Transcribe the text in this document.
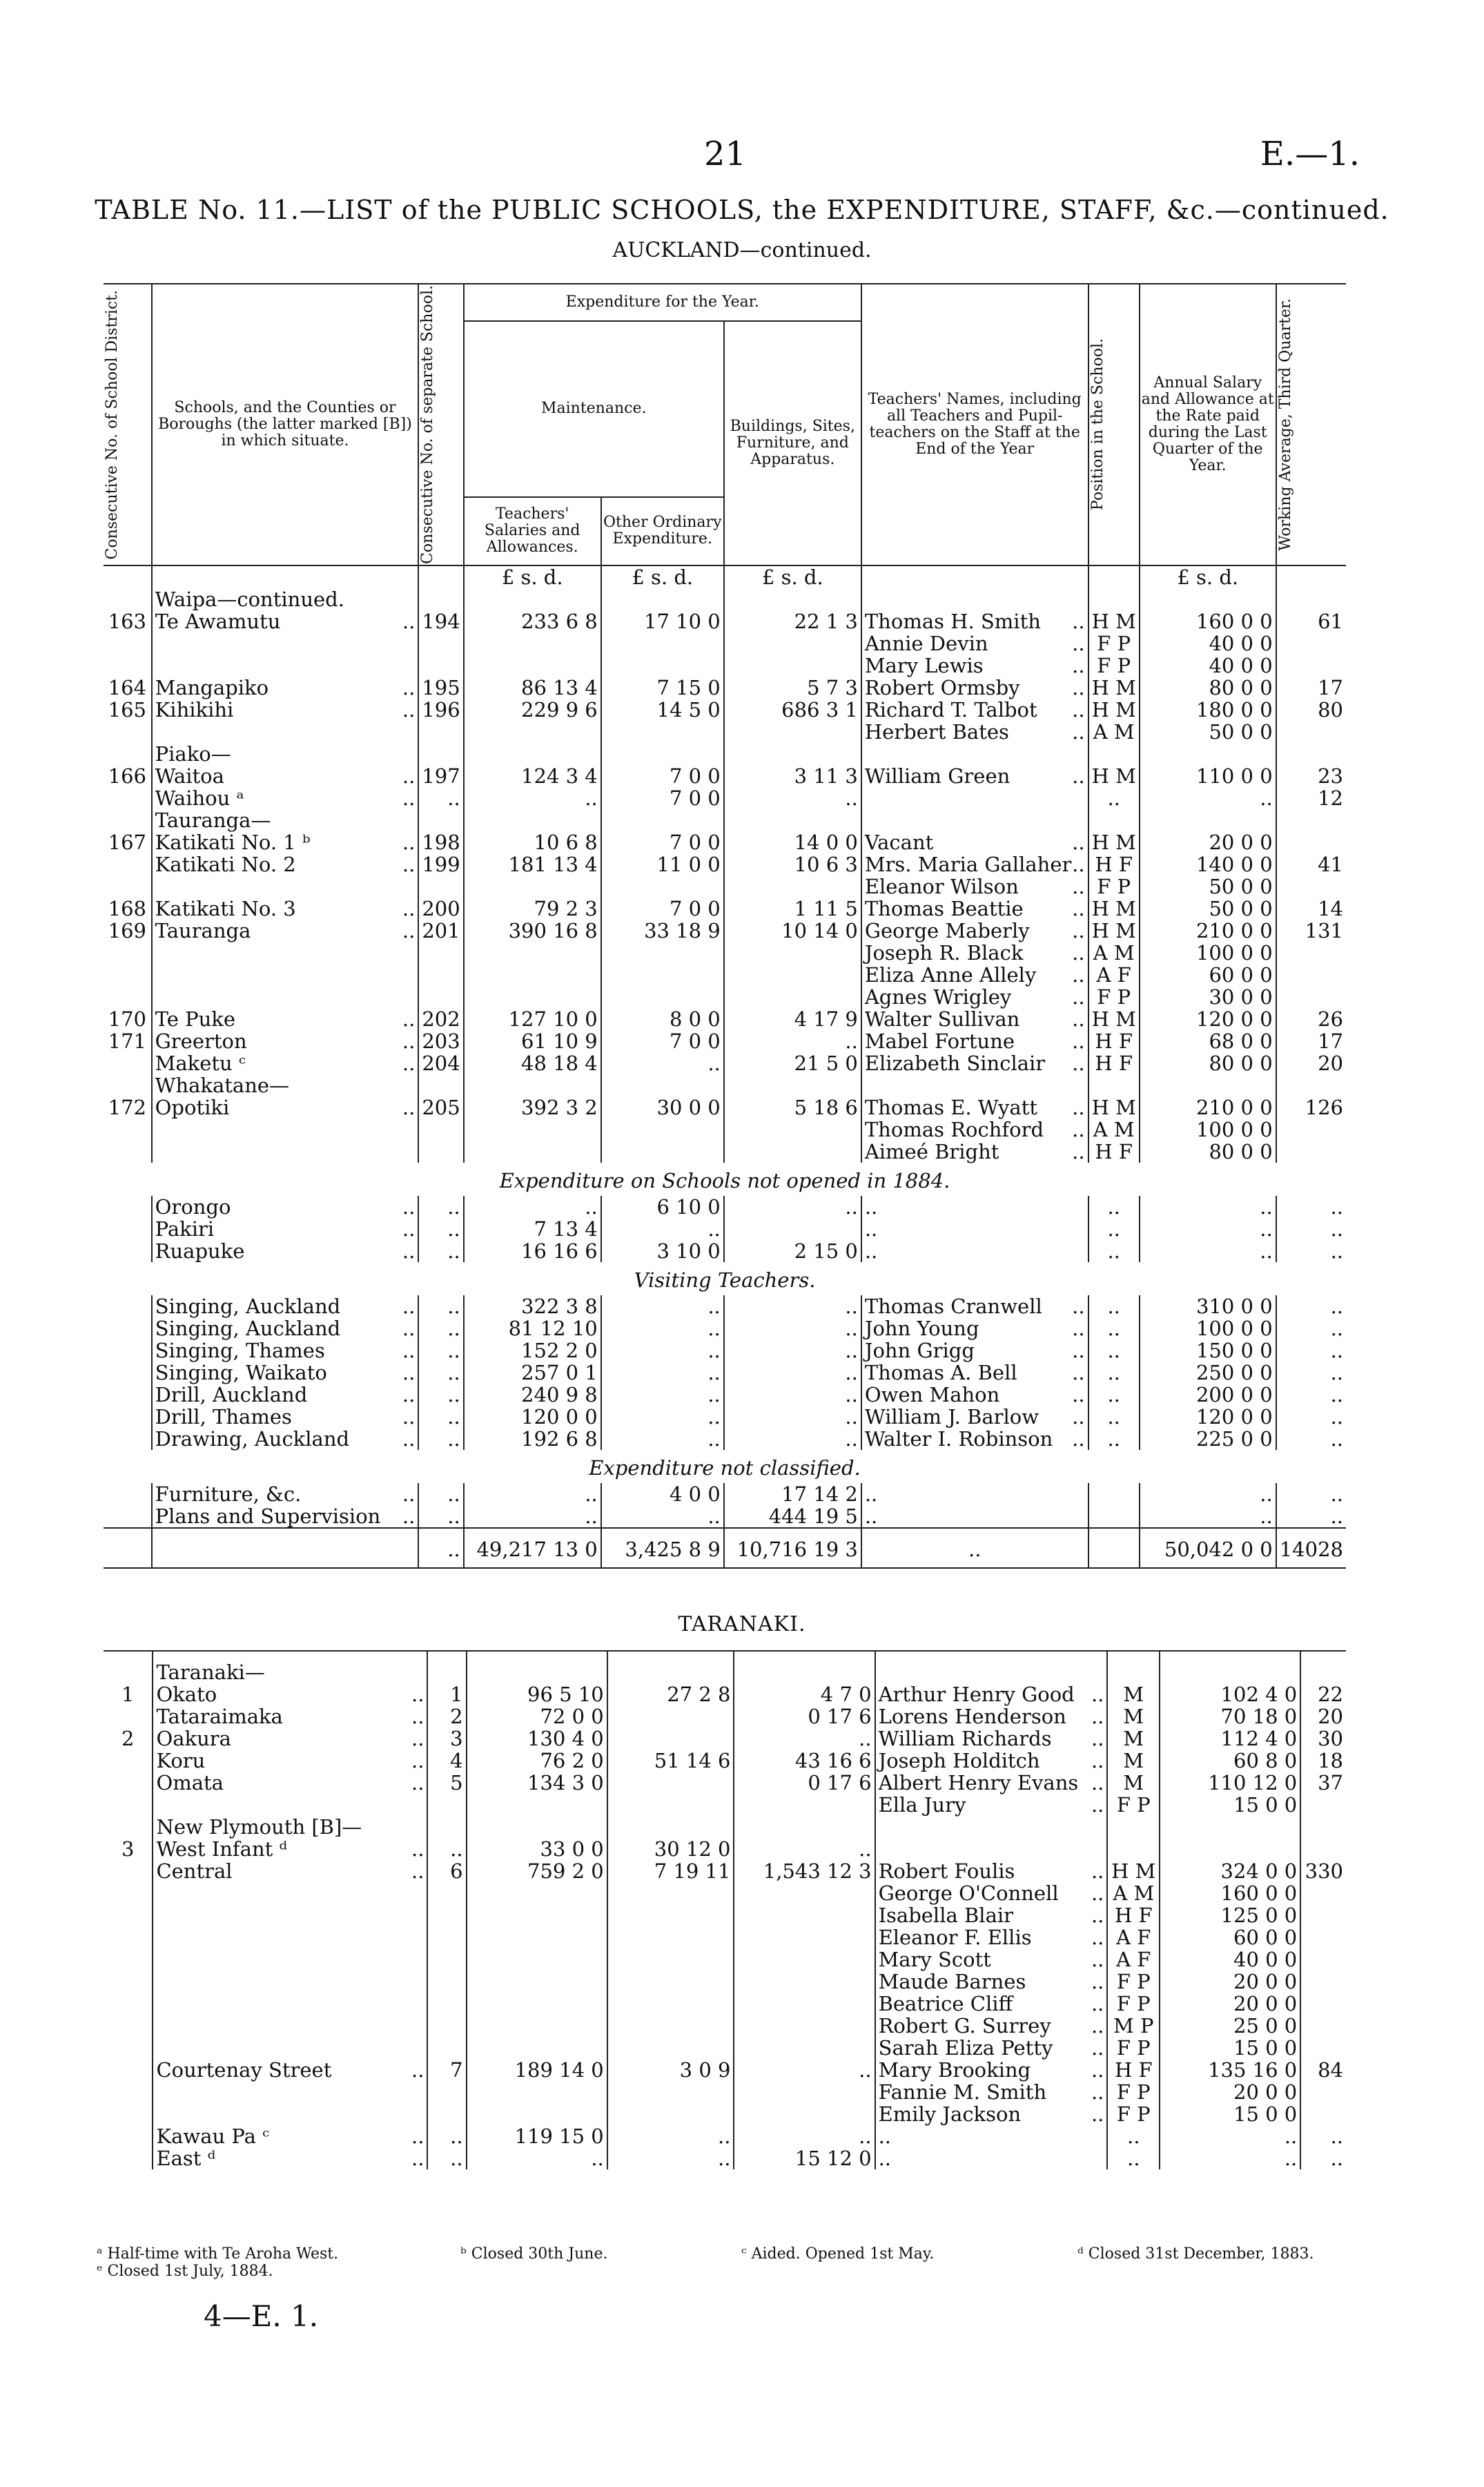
21	E.—1.
TABLE No. 11.—LIST of the PUBLIC SCHOOLS, the EXPENDITURE, STAFF, &c.—continued.
AUCKLAND—continued.
Consecutive No. of School District.	Schools, and the Counties or Boroughs (the latter marked [B]) in which situate.	Consecutive No. of separate School.	Expenditure for the Year.			Teachers' Names, including all Teachers and Pupil-teachers on the Staff at the End of the Year	Position in the School.	Annual Salary and Allowance at the Rate paid during the Last Quarter of the Year.	Working Average, Third Quarter.

			Maintenance.		Buildings, Sites, Furniture, and Apparatus.				
			Teachers' Salaries and Allowances.	Other Ordinary Expenditure.					
			£ s. d.	£ s. d.	£ s. d.			£ s. d.	
	Waipa—continued.								
163	Te Awamutu ..	194	233 6 8	17 10 0	22 1 3	Thomas H. Smith ..	H M	160 0 0	61
						Annie Devin ..	F P	40 0 0	
						Mary Lewis ..	F P	40 0 0	
164	Mangapiko ..	195	86 13 4	7 15 0	5 7 3	Robert Ormsby ..	H M	80 0 0	17
165	Kihikihi ..	196	229 9 6	14 5 0	686 3 1	Richard T. Talbot ..	H M	180 0 0	80
						Herbert Bates ..	A M	50 0 0	
	Piako—								
166	Waitoa ..	197	124 3 4	7 0 0	3 11 3	William Green ..	H M	110 0 0	23
	Waihou ᵃ ..	..	..	7 0 0	..		..	..	12
	Tauranga—								
167	Katikati No. 1 ᵇ ..	198	10 6 8	7 0 0	14 0 0	Vacant ..	H M	20 0 0	
	Katikati No. 2 ..	199	181 13 4	11 0 0	10 6 3	Mrs. Maria Gallaher ..	H F	140 0 0	41
						Eleanor Wilson ..	F P	50 0 0	
168	Katikati No. 3 ..	200	79 2 3	7 0 0	1 11 5	Thomas Beattie ..	H M	50 0 0	14
169	Tauranga ..	201	390 16 8	33 18 9	10 14 0	George Maberly ..	H M	210 0 0	131
						Joseph R. Black ..	A M	100 0 0	
						Eliza Anne Allely ..	A F	60 0 0	
						Agnes Wrigley ..	F P	30 0 0	
170	Te Puke ..	202	127 10 0	8 0 0	4 17 9	Walter Sullivan ..	H M	120 0 0	26
171	Greerton ..	203	61 10 9	7 0 0	..	Mabel Fortune ..	H F	68 0 0	17
	Maketu ᶜ ..	204	48 18 4	..	21 5 0	Elizabeth Sinclair ..	H F	80 0 0	20
	Whakatane—								
172	Opotiki ..	205	392 3 2	30 0 0	5 18 6	Thomas E. Wyatt ..	H M	210 0 0	126
						Thomas Rochford ..	A M	100 0 0	
						Aimeé Bright ..	H F	80 0 0	
Expenditure on Schools not opened in 1884.									
	Orongo ..	..	..	6 10 0	..	..	..	..	..
	Pakiri ..	..	7 13 4	..		..	..	..	..
	Ruapuke ..	..	16 16 6	3 10 0	2 15 0	..	..	..	..
Visiting Teachers.									
	Singing, Auckland ..	..	322 3 8	..	..	Thomas Cranwell ..	..	310 0 0	..
	Singing, Auckland ..	..	81 12 10	..	..	John Young ..	..	100 0 0	..
	Singing, Thames ..	..	152 2 0	..	..	John Grigg ..	..	150 0 0	..
	Singing, Waikato ..	..	257 0 1	..	..	Thomas A. Bell ..	..	250 0 0	..
	Drill, Auckland ..	..	240 9 8	..	..	Owen Mahon ..	..	200 0 0	..
	Drill, Thames ..	..	120 0 0	..	..	William J. Barlow ..	..	120 0 0	..
	Drawing, Auckland ..	..	192 6 8	..	..	Walter I. Robinson ..	..	225 0 0	..
Expenditure not classified.									
	Furniture, &c. ..	..	..	4 0 0	17 14 2	..		..	..
	Plans and Supervision ..	..	..	..	444 19 5	..		..	..
		..	49,217 13 0	3,425 8 9	10,716 19 3	..		50,042 0 0	14028
TARANAKI.

	Taranaki—								
1	Okato ..	1	96 5 10	27 2 8	4 7 0	Arthur Henry Good ..	M	102 4 0	22
	Tataraimaka ..	2	72 0 0		0 17 6	Lorens Henderson ..	M	70 18 0	20
2	Oakura ..	3	130 4 0		..	William Richards ..	M	112 4 0	30
	Koru ..	4	76 2 0	51 14 6	43 16 6	Joseph Holditch ..	M	60 8 0	18
	Omata ..	5	134 3 0		0 17 6	Albert Henry Evans ..	M	110 12 0	37
						Ella Jury ..	F P	15 0 0	
	New Plymouth [B]—								
3	West Infant ᵈ ..	..	33 0 0	30 12 0	..				
	Central ..	6	759 2 0	7 19 11	1,543 12 3	Robert Foulis ..	H M	324 0 0	330
						George O'Connell ..	A M	160 0 0	
						Isabella Blair ..	H F	125 0 0	
						Eleanor F. Ellis ..	A F	60 0 0	
						Mary Scott ..	A F	40 0 0	
						Maude Barnes ..	F P	20 0 0	
						Beatrice Cliff ..	F P	20 0 0	
						Robert G. Surrey ..	M P	25 0 0	
						Sarah Eliza Petty ..	F P	15 0 0	
	Courtenay Street ..	7	189 14 0	3 0 9	..	Mary Brooking ..	H F	135 16 0	84
						Fannie M. Smith ..	F P	20 0 0	
						Emily Jackson ..	F P	15 0 0	
	Kawau Pa ᶜ ..	..	119 15 0	..	..	..	..	..	..
	East ᵈ ..	..	..	..	15 12 0	..	..	..	..
ᵃ Half-time with Te Aroha West.	ᵇ Closed 30th June.	ᶜ Aided. Opened 1st May.	ᵈ Closed 31st December, 1883.
ᵉ Closed 1st July, 1884.
4—E. 1.
